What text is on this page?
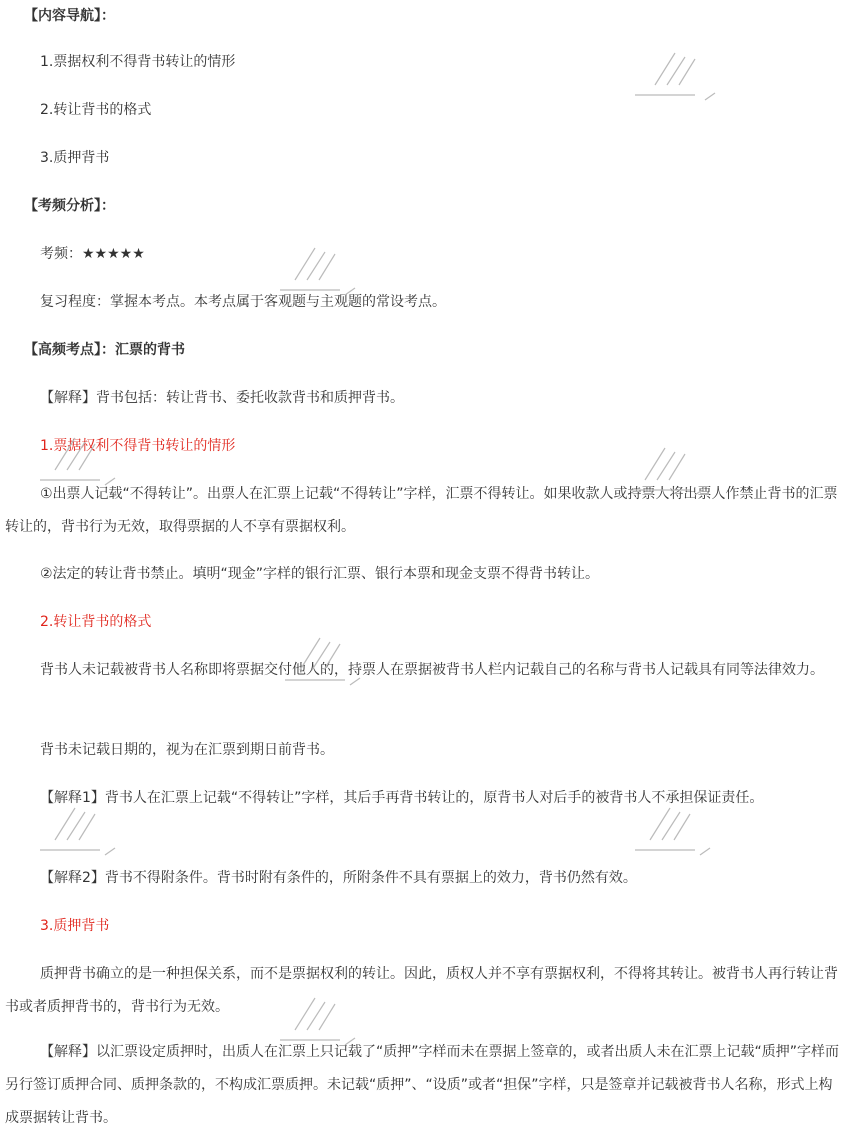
【内容导航】：

1.票据权利不得背书转让的情形

2.转让背书的格式

3.质押背书

【考频分析】：

考频：★★★★★

复习程度：掌握本考点。本考点属于客观题与主观题的常设考点。

【高频考点】：汇票的背书

【解释】背书包括：转让背书、委托收款背书和质押背书。

1.票据权利不得背书转让的情形

①出票人记载“不得转让”。出票人在汇票上记载“不得转让”字样，汇票不得转让。如果收款人或持票人将出票人作禁止背书的汇票转让的，背书行为无效，取得票据的人不享有票据权利。

②法定的转让背书禁止。填明“现金”字样的银行汇票、银行本票和现金支票不得背书转让。

2.转让背书的格式

背书人未记载被背书人名称即将票据交付他人的，持票人在票据被背书人栏内记载自己的名称与背书人记载具有同等法律效力。

背书未记载日期的，视为在汇票到期日前背书。

【解释1】背书人在汇票上记载“不得转让”字样，其后手再背书转让的，原背书人对后手的被背书人不承担保证责任。

【解释2】背书不得附条件。背书时附有条件的，所附条件不具有票据上的效力，背书仍然有效。

3.质押背书

质押背书确立的是一种担保关系，而不是票据权利的转让。因此，质权人并不享有票据权利，不得将其转让。被背书人再行转让背书或者质押背书的，背书行为无效。

【解释】以汇票设定质押时，出质人在汇票上只记载了“质押”字样而未在票据上签章的，或者出质人未在汇票上记载“质押”字样而另行签订质押合同、质押条款的，不构成汇票质押。未记载“质押”、“设质”或者“担保”字样，只是签章并记载被背书人名称，形式上构成票据转让背书。
